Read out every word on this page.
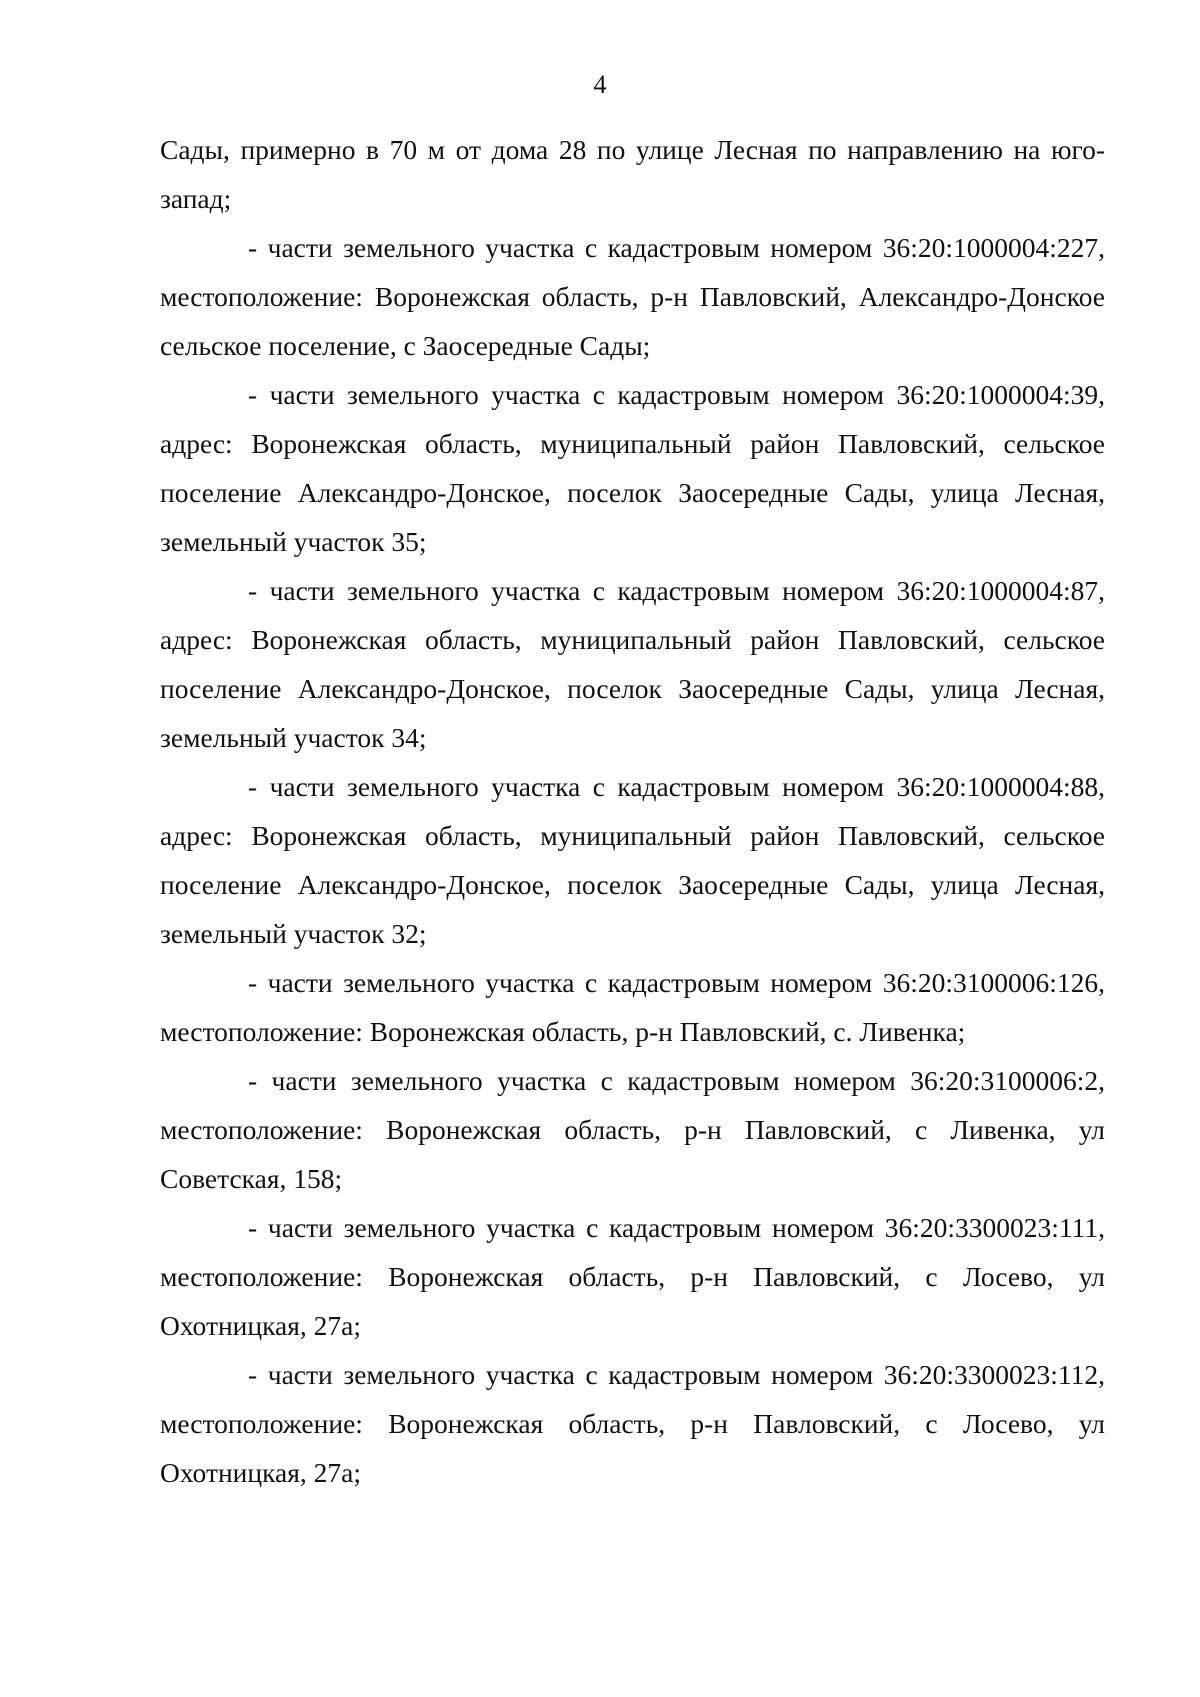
4

Сады, примерно в 70 м от дома 28 по улице Лесная по направлению на юго-запад;

- части земельного участка с кадастровым номером 36:20:1000004:227, местоположение: Воронежская область, р-н Павловский, Александро-Донское сельское поселение, с Заосередные Сады;

- части земельного участка с кадастровым номером 36:20:1000004:39, адрес: Воронежская область, муниципальный район Павловский, сельское поселение Александро-Донское, поселок Заосередные Сады, улица Лесная, земельный участок 35;

- части земельного участка с кадастровым номером 36:20:1000004:87, адрес: Воронежская область, муниципальный район Павловский, сельское поселение Александро-Донское, поселок Заосередные Сады, улица Лесная, земельный участок 34;

- части земельного участка с кадастровым номером 36:20:1000004:88, адрес: Воронежская область, муниципальный район Павловский, сельское поселение Александро-Донское, поселок Заосередные Сады, улица Лесная, земельный участок 32;

- части земельного участка с кадастровым номером 36:20:3100006:126, местоположение: Воронежская область, р-н Павловский, с. Ливенка;

- части земельного участка с кадастровым номером 36:20:3100006:2, местоположение: Воронежская область, р-н Павловский, с Ливенка, ул Советская, 158;

- части земельного участка с кадастровым номером 36:20:3300023:111, местоположение: Воронежская область, р-н Павловский, с Лосево, ул Охотницкая, 27а;

- части земельного участка с кадастровым номером 36:20:3300023:112, местоположение: Воронежская область, р-н Павловский, с Лосево, ул Охотницкая, 27а;
